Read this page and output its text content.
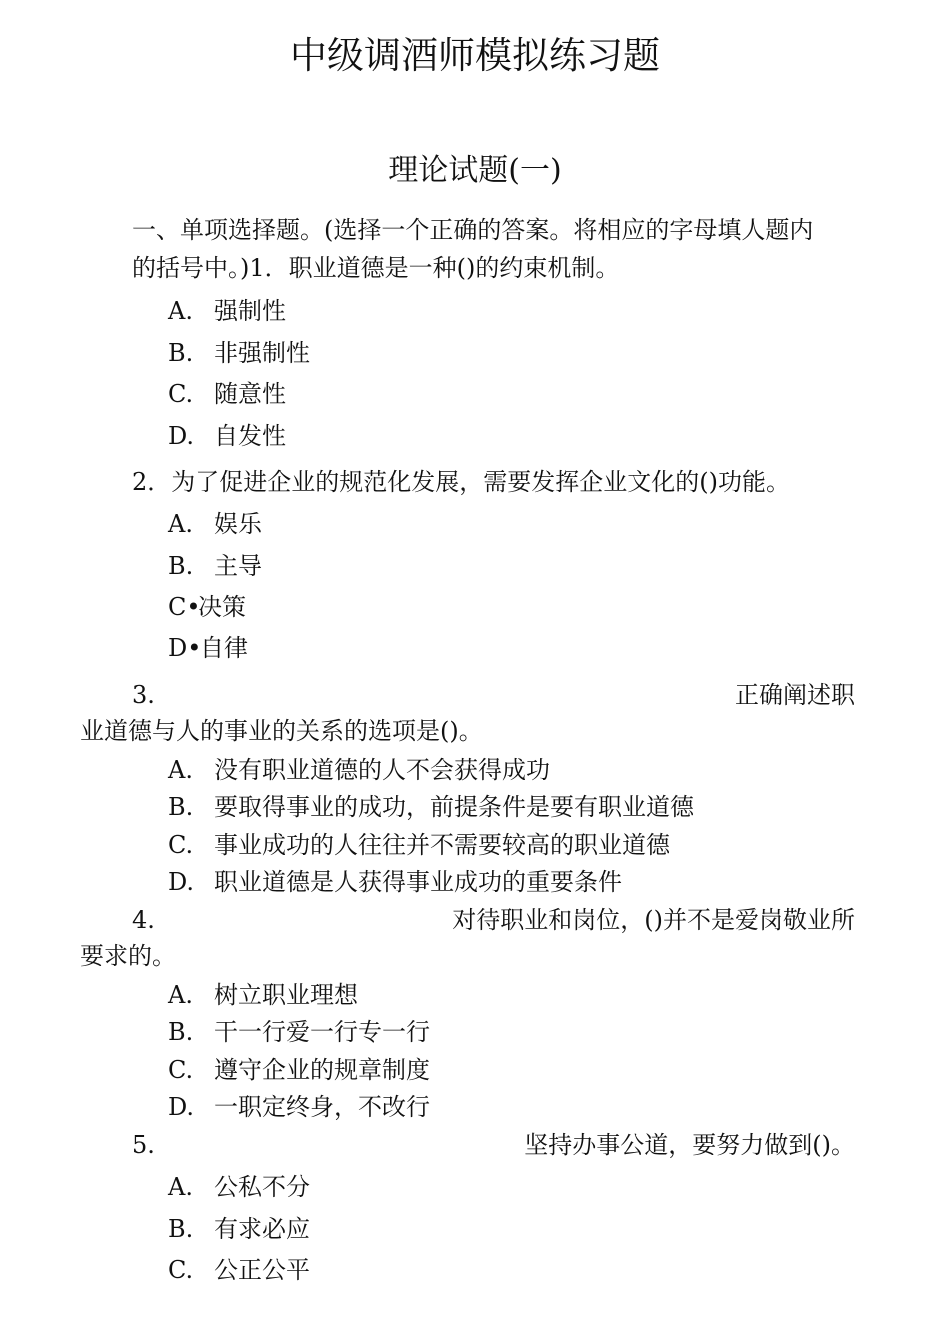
中级调酒师模拟练习题
理论试题(一)
一、单项选择题。(选择一个正确的答案。将相应的字母填人题内
的括号中。)1．职业道德是一种()的约束机制。
A. 强制性
B. 非强制性
C. 随意性
D. 自发性
2．为了促进企业的规范化发展，需要发挥企业文化的()功能。
A. 娱乐
B. 主导
C•
决策
D•
自律
3.	正确阐述职
业道德与人的事业的关系的选项是()。
A. 没有职业道德的人不会获得成功
B. 要取得事业的成功，前提条件是要有职业道德
C. 事业成功的人往往并不需要较高的职业道德
D. 职业道德是人获得事业成功的重要条件
4.	对待职业和岗位，()并不是爱岗敬业所
要求的。
A. 树立职业理想
B. 干一行爱一行专一行
C. 遵守企业的规章制度
D. 一职定终身，不改行
5.	坚持办事公道，要努力做到()。
A. 公私不分
B. 有求必应
C. 公正公平
